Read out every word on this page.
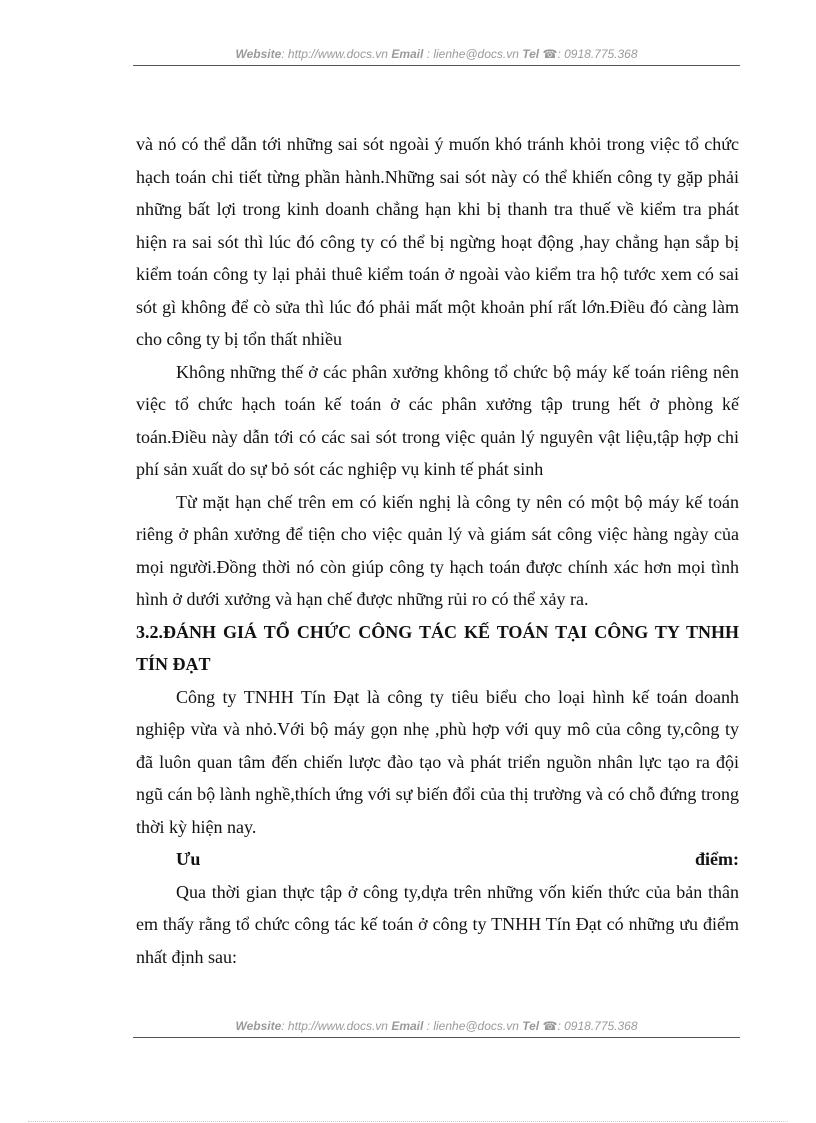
Website: http://www.docs.vn Email : lienhe@docs.vn Tel ☎: 0918.775.368

và nó có thể dẫn tới những sai sót ngoài ý muốn khó tránh khỏi trong việc tổ chức hạch toán chi tiết từng phần hành.Những sai sót này có thể khiến công ty gặp phải những bất lợi trong kinh doanh chẳng hạn khi bị thanh tra thuế về kiểm tra phát hiện ra sai sót thì lúc đó công ty có thể bị ngừng hoạt động ,hay chẳng hạn sắp bị kiểm toán công ty lại phải thuê kiểm toán ở ngoài vào kiểm tra hộ tước xem có sai sót gì không để cò sửa thì lúc đó phải mất một khoản phí rất lớn.Điều đó càng làm cho công ty bị tổn thất nhiều

Không những thế ở các phân xưởng không tổ chức bộ máy kế toán riêng nên việc tổ chức hạch toán kế toán ở các phân xưởng tập trung hết ở phòng kế toán.Điều này dẫn tới có các sai sót trong việc quản lý nguyên vật liệu,tập hợp chi phí sản xuất do sự bỏ sót các nghiệp vụ kinh tế phát sinh

Từ mặt hạn chế trên em có kiến nghị là công ty nên có một bộ máy kế toán riêng ở phân xưởng để tiện cho việc quản lý và giám sát công việc hàng ngày của mọi người.Đồng thời nó còn giúp công ty hạch toán được chính xác hơn mọi tình hình ở dưới xưởng và hạn chế được những rủi ro có thể xảy ra.

3.2.ĐÁNH GIÁ TỔ CHỨC CÔNG TÁC KẾ TOÁN TẠI CÔNG TY TNHH TÍN ĐẠT

Công ty TNHH Tín Đạt là công ty tiêu biểu cho loại hình kế toán doanh nghiệp vừa và nhỏ.Với bộ máy gọn nhẹ ,phù hợp với quy mô của công ty,công ty đã luôn quan tâm đến chiến lược đào tạo và phát triển nguồn nhân lực tạo ra đội ngũ cán bộ lành nghề,thích ứng với sự biến đổi của thị trường và có chỗ đứng trong thời kỳ hiện nay.

Ưu điểm:

Qua thời gian thực tập ở công ty,dựa trên những vốn kiến thức của bản thân em thấy rằng tổ chức công tác kế toán ở công ty TNHH Tín Đạt có những ưu điểm nhất định sau:

Website: http://www.docs.vn Email : lienhe@docs.vn Tel ☎: 0918.775.368
